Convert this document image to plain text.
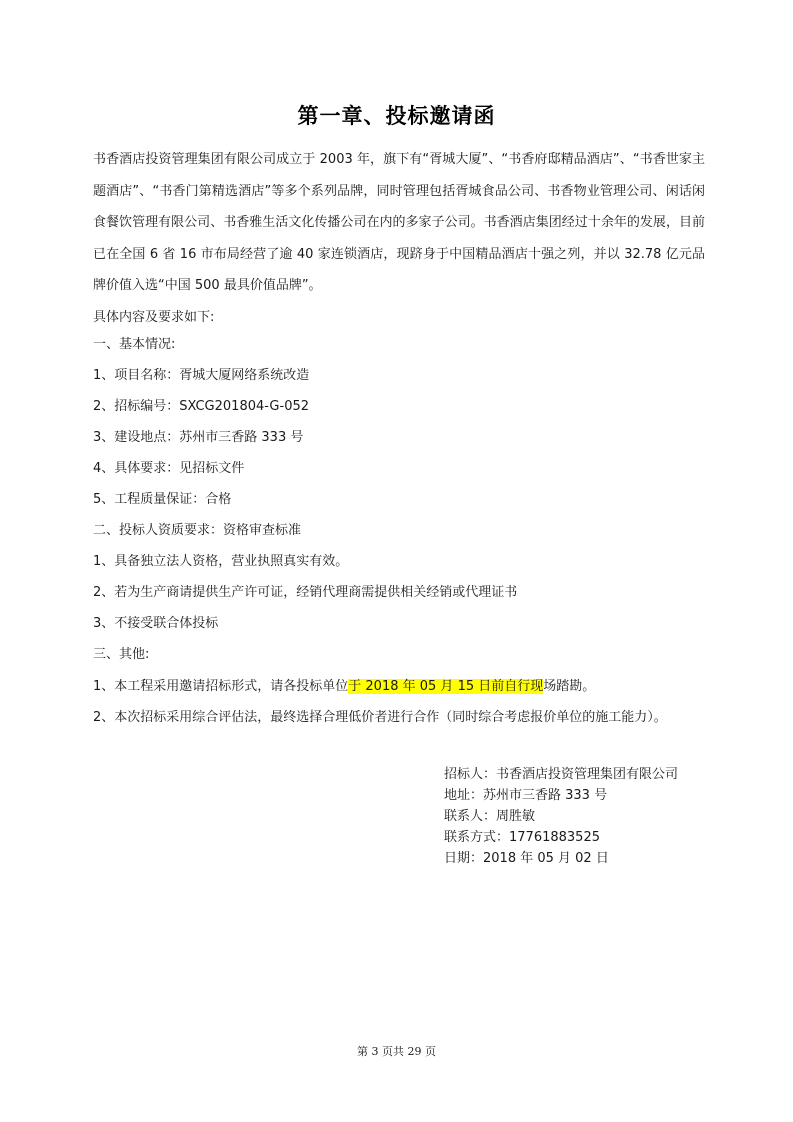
第一章、投标邀请函
书香酒店投资管理集团有限公司成立于 2003 年，旗下有“胥城大厦”、“书香府邸精品酒店”、“书香世家主题酒店”、“书香门第精选酒店”等多个系列品牌，同时管理包括胥城食品公司、书香物业管理公司、闲话闲食餐饮管理有限公司、书香雅生活文化传播公司在内的多家子公司。书香酒店集团经过十余年的发展，目前已在全国 6 省 16 市布局经营了逾 40 家连锁酒店，现跻身于中国精品酒店十强之列，并以 32.78 亿元品牌价值入选“中国 500 最具价值品牌”。
具体内容及要求如下:
一、基本情况:
1、项目名称：胥城大厦网络系统改造
2、招标编号：SXCG201804-G-052
3、建设地点：苏州市三香路 333 号
4、具体要求：见招标文件
5、工程质量保证：合格
二、投标人资质要求：资格审查标准
1、具备独立法人资格，营业执照真实有效。
2、若为生产商请提供生产许可证，经销代理商需提供相关经销或代理证书
3、不接受联合体投标
三、其他:
1、本工程采用邀请招标形式，请各投标单位于 2018 年 05 月 15 日前自行现场踏勘。
2、本次招标采用综合评估法，最终选择合理低价者进行合作（同时综合考虑报价单位的施工能力）。
招标人：书香酒店投资管理集团有限公司
地址：苏州市三香路 333 号
联系人：周胜敏
联系方式：17761883525
日期：2018 年 05 月 02 日
第 3 页共 29 页
